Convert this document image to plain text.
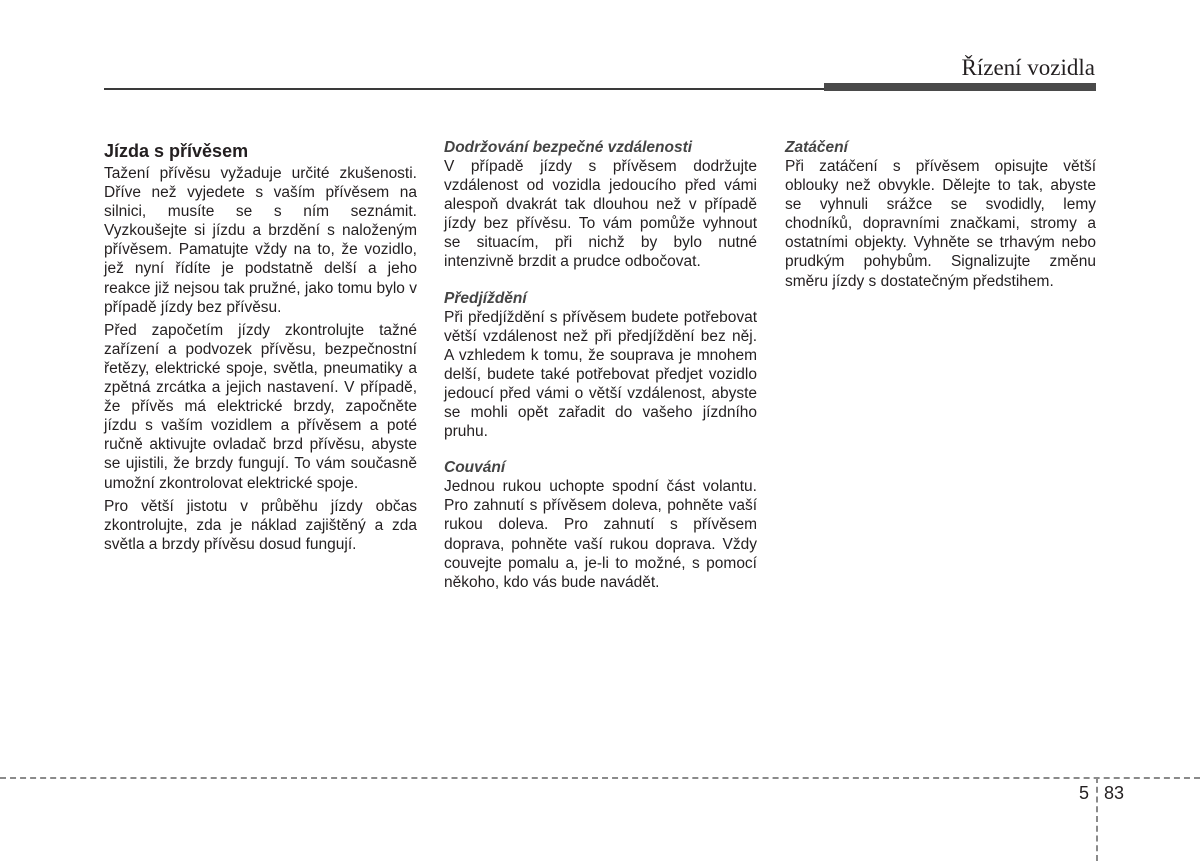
Řízení vozidla
Jízda s přívěsem

Tažení přívěsu vyžaduje určité zkušenosti. Dříve než vyjedete s vaším přívěsem na silnici, musíte se s ním seznámit. Vyzkoušejte si jízdu a brzdění s naloženým přívěsem. Pamatujte vždy na to, že vozidlo, jež nyní řídíte je podstatně delší a jeho reakce již nejsou tak pružné, jako tomu bylo v případě jízdy bez přívěsu.

Před započetím jízdy zkontrolujte tažné zařízení a podvozek přívěsu, bezpečnostní řetězy, elektrické spoje, světla, pneumatiky a zpětná zrcátka a jejich nastavení. V případě, že přívěs má elektrické brzdy, započněte jízdu s vaším vozidlem a přívěsem a poté ručně aktivujte ovladač brzd přívěsu, abyste se ujistili, že brzdy fungují. To vám současně umožní zkontrolovat elektrické spoje.

Pro větší jistotu v průběhu jízdy občas zkontrolujte, zda je náklad zajištěný a zda světla a brzdy přívěsu dosud fungují.

Dodržování bezpečné vzdálenosti

V případě jízdy s přívěsem dodržujte vzdálenost od vozidla jedoucího před vámi alespoň dvakrát tak dlouhou než v případě jízdy bez přívěsu. To vám pomůže vyhnout se situacím, při nichž by bylo nutné intenzivně brzdit a prudce odbočovat.

Předjíždění

Při předjíždění s přívěsem budete potřebovat větší vzdálenost než při předjíždění bez něj. A vzhledem k tomu, že souprava je mnohem delší, budete také potřebovat předjet vozidlo jedoucí před vámi o větší vzdálenost, abyste se mohli opět zařadit do vašeho jízdního pruhu.

Couvání

Jednou rukou uchopte spodní část volantu. Pro zahnutí s přívěsem doleva, pohněte vaší rukou doleva. Pro zahnutí s přívěsem doprava, pohněte vaší rukou doprava. Vždy couvejte pomalu a, je-li to možné, s pomocí někoho, kdo vás bude navádět.

Zatáčení

Při zatáčení s přívěsem opisujte větší oblouky než obvykle. Dělejte to tak, abyste se vyhnuli srážce se svodidly, lemy chodníků, dopravními značkami, stromy a ostatními objekty. Vyhněte se trhavým nebo prudkým pohybům. Signalizujte změnu směru jízdy s dostatečným předstihem.

5 83
